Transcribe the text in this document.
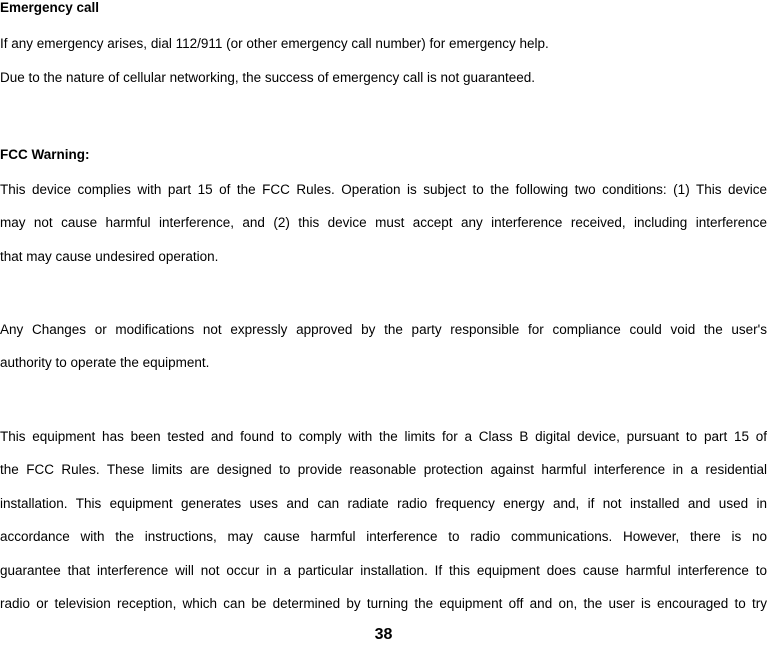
Emergency call
If any emergency arises, dial 112/911 (or other emergency call number) for emergency help.
Due to the nature of cellular networking, the success of emergency call is not guaranteed.
FCC Warning:
This device complies with part 15 of the FCC Rules. Operation is subject to the following two conditions: (1) This device
may not cause harmful interference, and (2) this device must accept any interference received, including interference
that may cause undesired operation.
Any Changes or modifications not expressly approved by the party responsible for compliance could void the user's
authority to operate the equipment.
This equipment has been tested and found to comply with the limits for a Class B digital device, pursuant to part 15 of
the FCC Rules. These limits are designed to provide reasonable protection against harmful interference in a residential
installation. This equipment generates uses and can radiate radio frequency energy and, if not installed and used in
accordance with the instructions, may cause harmful interference to radio communications. However, there is no
guarantee that interference will not occur in a particular installation. If this equipment does cause harmful interference to
radio or television reception, which can be determined by turning the equipment off and on, the user is encouraged to try
38
